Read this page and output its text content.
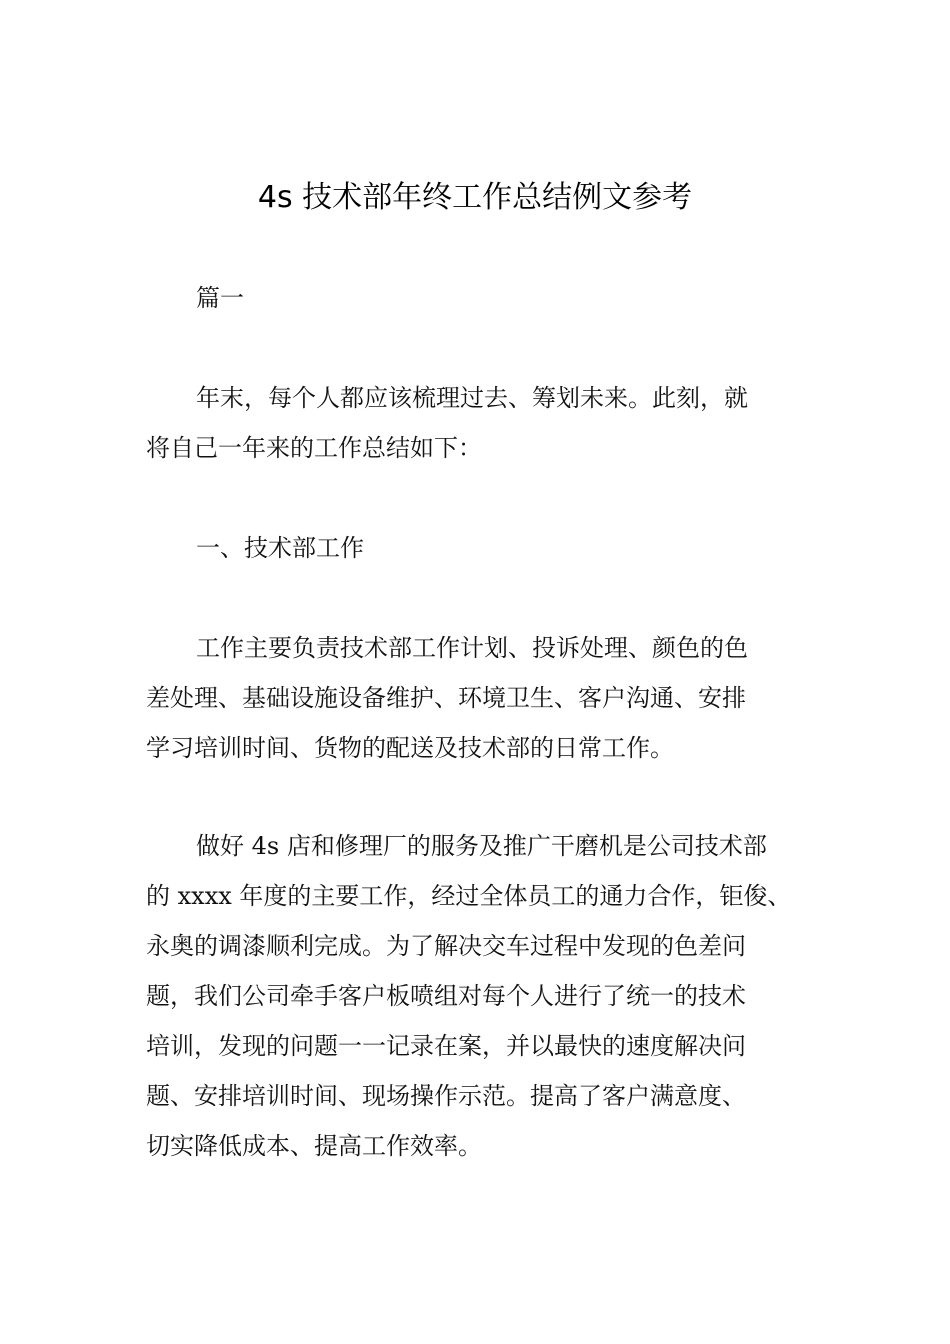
4s 技术部年终工作总结例文参考

篇一

年末，每个人都应该梳理过去、筹划未来。此刻，就
将自己一年来的工作总结如下：

一、技术部工作

工作主要负责技术部工作计划、投诉处理、颜色的色
差处理、基础设施设备维护、环境卫生、客户沟通、安排
学习培训时间、货物的配送及技术部的日常工作。

做好 4s 店和修理厂的服务及推广干磨机是公司技术部
的 xxxx 年度的主要工作，经过全体员工的通力合作，钜俊、
永奥的调漆顺利完成。为了解决交车过程中发现的色差问
题，我们公司牵手客户板喷组对每个人进行了统一的技术
培训，发现的问题一一记录在案，并以最快的速度解决问
题、安排培训时间、现场操作示范。提高了客户满意度、
切实降低成本、提高工作效率。
